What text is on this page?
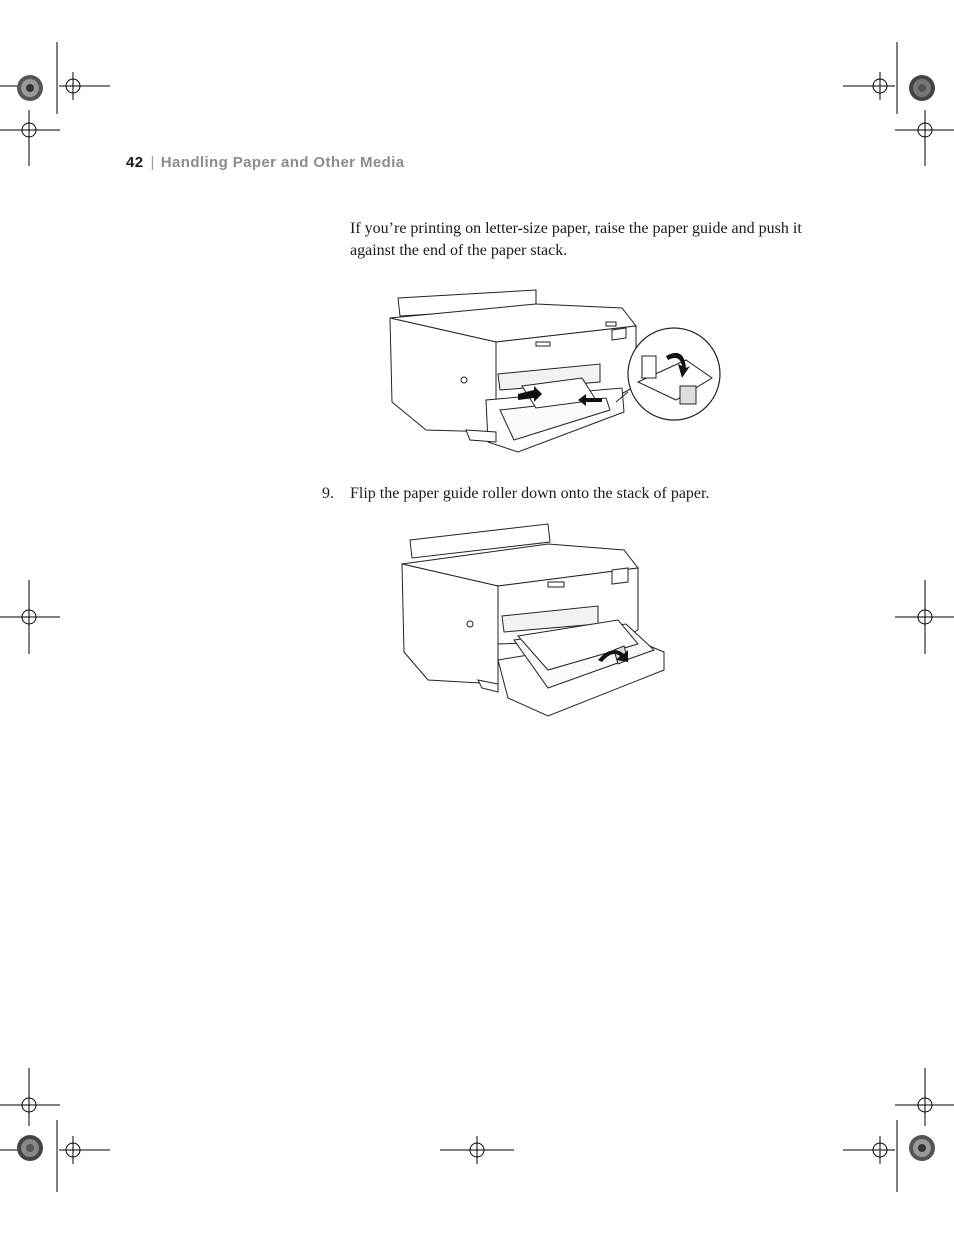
42 | Handling Paper and Other Media

If you’re printing on letter-size paper, raise the paper guide and push it against the end of the paper stack.

9. Flip the paper guide roller down onto the stack of paper.
